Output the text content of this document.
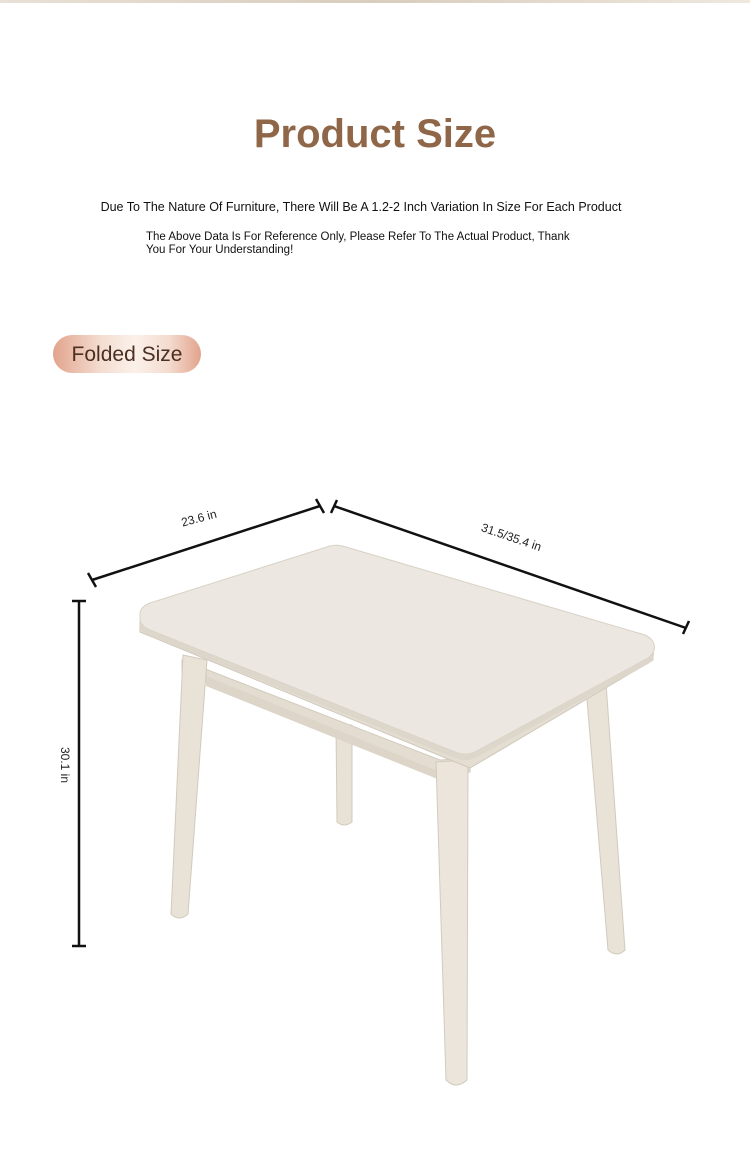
Product Size

Due To The Nature Of Furniture, There Will Be A 1.2-2 Inch Variation In Size For Each Product

The Above Data Is For Reference Only, Please Refer To The Actual Product, Thank
You For Your Understanding!
Folded Size
23.6 in
31.5/35.4 in
30.1 in
